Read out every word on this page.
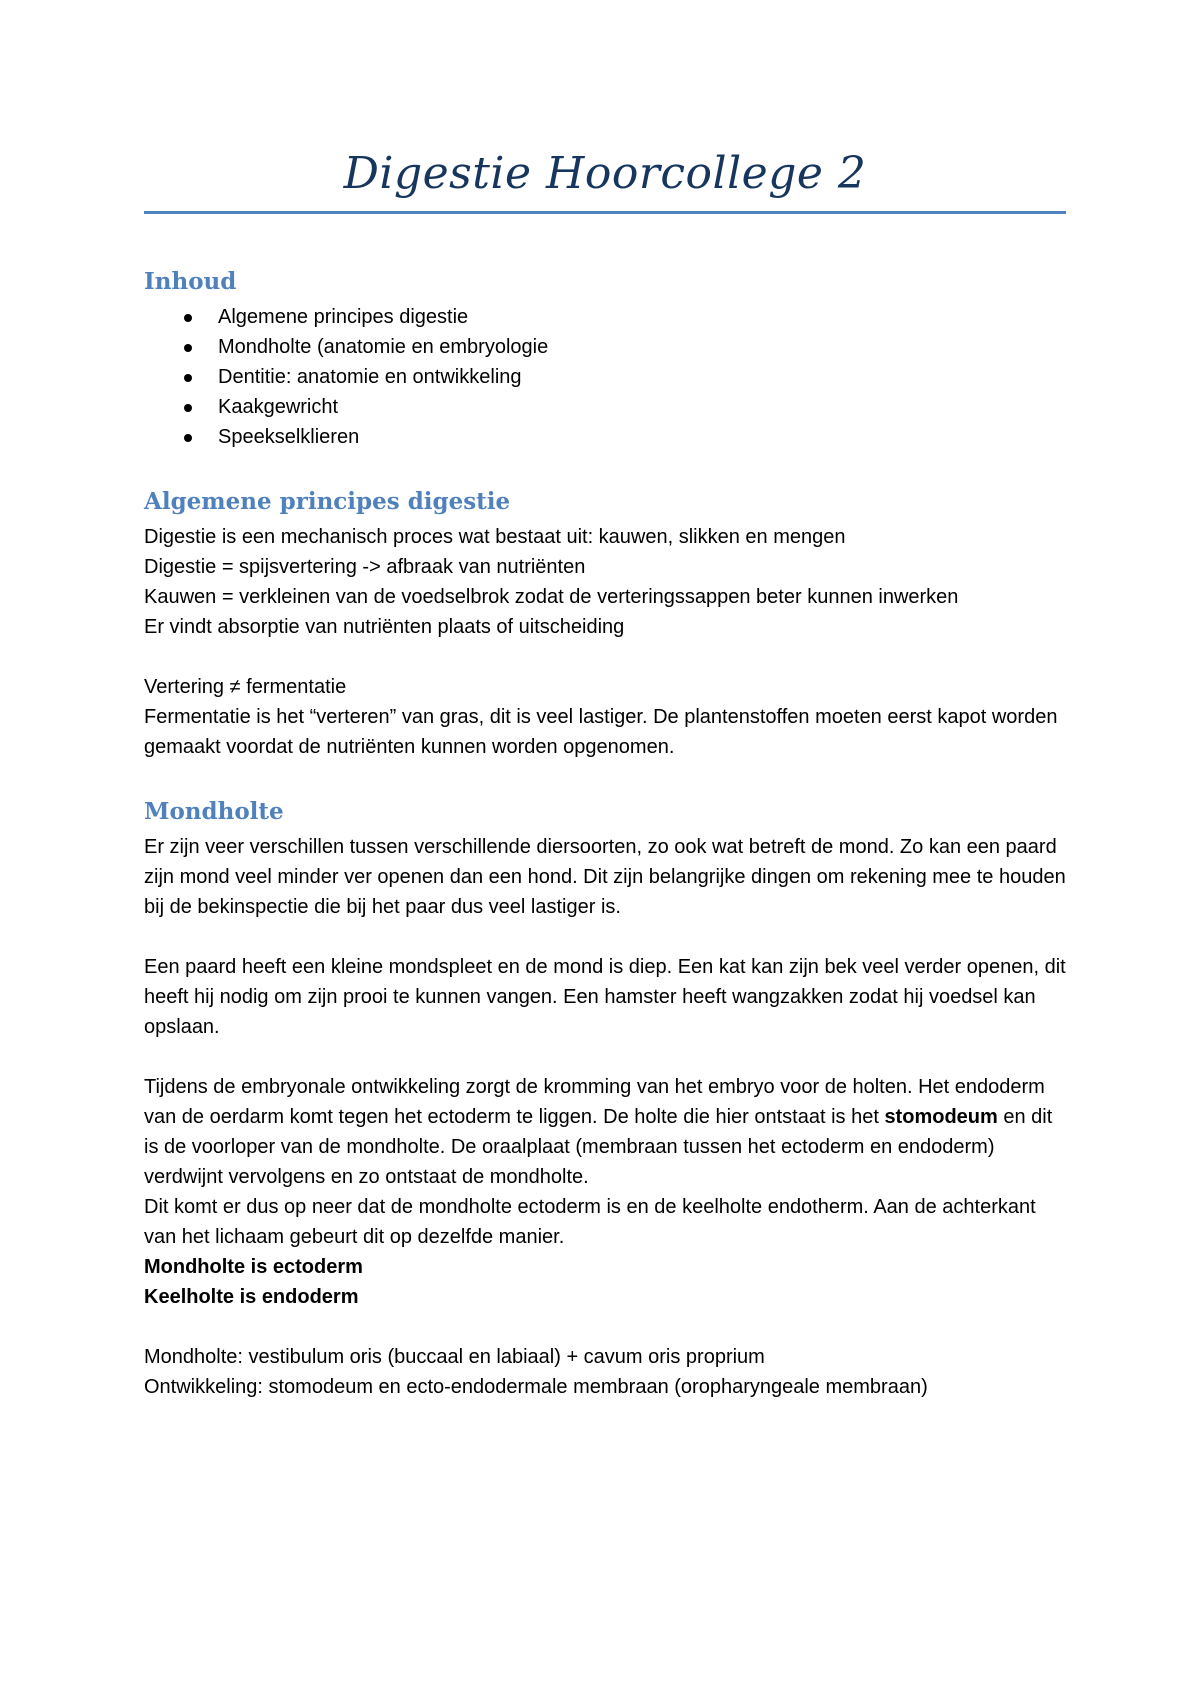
Digestie Hoorcollege 2
Inhoud
Algemene principes digestie
Mondholte (anatomie en embryologie
Dentitie: anatomie en ontwikkeling
Kaakgewricht
Speekselklieren
Algemene principes digestie

Digestie is een mechanisch proces wat bestaat uit: kauwen, slikken en mengen

Digestie = spijsvertering -> afbraak van nutriënten

Kauwen = verkleinen van de voedselbrok zodat de verteringssappen beter kunnen inwerken

Er vindt absorptie van nutriënten plaats of uitscheiding

Vertering ≠ fermentatie

Fermentatie is het “verteren” van gras, dit is veel lastiger. De plantenstoffen moeten eerst kapot worden gemaakt voordat de nutriënten kunnen worden opgenomen.

Mondholte

Er zijn veer verschillen tussen verschillende diersoorten, zo ook wat betreft de mond. Zo kan een paard zijn mond veel minder ver openen dan een hond. Dit zijn belangrijke dingen om rekening mee te houden bij de bekinspectie die bij het paar dus veel lastiger is.

Een paard heeft een kleine mondspleet en de mond is diep. Een kat kan zijn bek veel verder openen, dit heeft hij nodig om zijn prooi te kunnen vangen. Een hamster heeft wangzakken zodat hij voedsel kan opslaan.

Tijdens de embryonale ontwikkeling zorgt de kromming van het embryo voor de holten. Het endoderm van de oerdarm komt tegen het ectoderm te liggen. De holte die hier ontstaat is het stomodeum en dit is de voorloper van de mondholte. De oraalplaat (membraan tussen het ectoderm en endoderm) verdwijnt vervolgens en zo ontstaat de mondholte.

Dit komt er dus op neer dat de mondholte ectoderm is en de keelholte endotherm. Aan de achterkant van het lichaam gebeurt dit op dezelfde manier.

Mondholte is ectoderm

Keelholte is endoderm

Mondholte: vestibulum oris (buccaal en labiaal) + cavum oris proprium

Ontwikkeling: stomodeum en ecto-endodermale membraan (oropharyngeale membraan)
